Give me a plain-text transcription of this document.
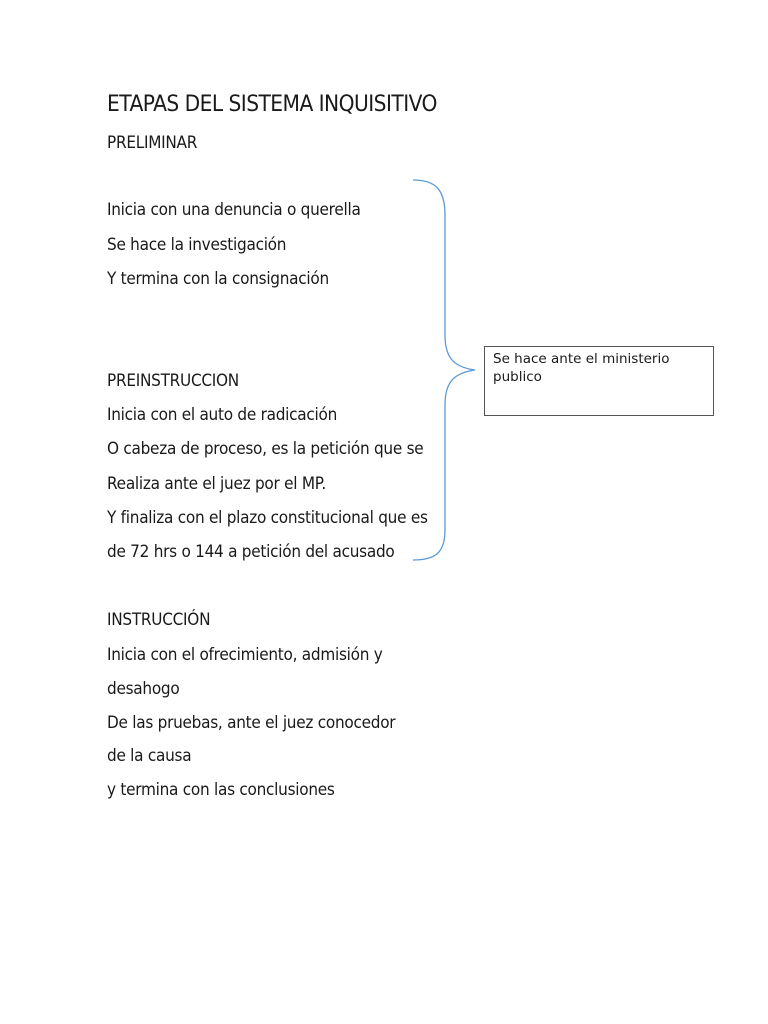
ETAPAS DEL SISTEMA INQUISITIVO
PRELIMINAR
Inicia con una denuncia o querella
Se hace la investigación
Y termina con la consignación
PREINSTRUCCION
Inicia con el auto de radicación
O cabeza de proceso, es la petición que se
Realiza ante el juez por el MP.
Y finaliza con el plazo constitucional que es
de 72 hrs o 144 a petición del acusado
INSTRUCCIÓN
Inicia con el ofrecimiento, admisión y
desahogo
De las pruebas, ante el juez conocedor
de la causa
y termina con las conclusiones
Se hace ante el ministerio
publico
